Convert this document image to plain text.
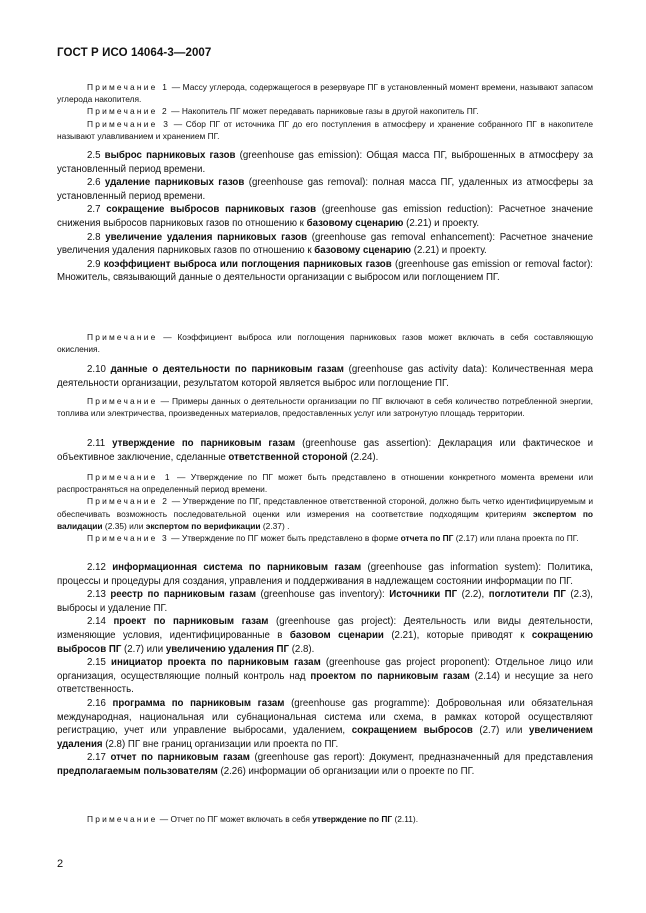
ГОСТ Р ИСО 14064-3—2007

Примечание 1 — Массу углерода, содержащегося в резервуаре ПГ в установленный момент времени, называют запасом углерода накопителя.

Примечание 2 — Накопитель ПГ может передавать парниковые газы в другой накопитель ПГ.

Примечание 3 — Сбор ПГ от источника ПГ до его поступления в атмосферу и хранение собранного ПГ в накопителе называют улавливанием и хранением ПГ.

2.5 выброс парниковых газов (greenhouse gas emission): Общая масса ПГ, выброшенных в атмосферу за установленный период времени.

2.6 удаление парниковых газов (greenhouse gas removal): полная масса ПГ, удаленных из атмосферы за установленный период времени.

2.7 сокращение выбросов парниковых газов (greenhouse gas emission reduction): Расчетное значение снижения выбросов парниковых газов по отношению к базовому сценарию (2.21) и проекту.

2.8 увеличение удаления парниковых газов (greenhouse gas removal enhancement): Расчетное значение увеличения удаления парниковых газов по отношению к базовому сценарию (2.21) и проекту.

2.9 коэффициент выброса или поглощения парниковых газов (greenhouse gas emission or removal factor): Множитель, связывающий данные о деятельности организации с выбросом или поглощением ПГ.

Примечание — Коэффициент выброса или поглощения парниковых газов может включать в себя составляющую окисления.

2.10 данные о деятельности по парниковым газам (greenhouse gas activity data): Количественная мера деятельности организации, результатом которой является выброс или поглощение ПГ.

Примечание — Примеры данных о деятельности организации по ПГ включают в себя количество потребленной энергии, топлива или электричества, произведенных материалов, предоставленных услуг или затронутую площадь территории.

2.11 утверждение по парниковым газам (greenhouse gas assertion): Декларация или фактическое и объективное заключение, сделанные ответственной стороной (2.24).

Примечание 1 — Утверждение по ПГ может быть представлено в отношении конкретного момента времени или распространяться на определенный период времени.

Примечание 2 — Утверждение по ПГ, представленное ответственной стороной, должно быть четко идентифицируемым и обеспечивать возможность последовательной оценки или измерения на соответствие подходящим критериям экспертом по валидации (2.35) или экспертом по верификации (2.37) .

Примечание 3 — Утверждение по ПГ может быть представлено в форме отчета по ПГ (2.17) или плана проекта по ПГ.

2.12 информационная система по парниковым газам (greenhouse gas information system): Политика, процессы и процедуры для создания, управления и поддерживания в надлежащем состоянии информации по ПГ.

2.13 реестр по парниковым газам (greenhouse gas inventory): Источники ПГ (2.2), поглотители ПГ (2.3), выбросы и удаление ПГ.

2.14 проект по парниковым газам (greenhouse gas project): Деятельность или виды деятельности, изменяющие условия, идентифицированные в базовом сценарии (2.21), которые приводят к сокращению выбросов ПГ (2.7) или увеличению удаления ПГ (2.8).

2.15 инициатор проекта по парниковым газам (greenhouse gas project proponent): Отдельное лицо или организация, осуществляющие полный контроль над проектом по парниковым газам (2.14) и несущие за него ответственность.

2.16 программа по парниковым газам (greenhouse gas programme): Добровольная или обязательная международная, национальная или субнациональная система или схема, в рамках которой осуществляют регистрацию, учет или управление выбросами, удалением, сокращением выбросов (2.7) или увеличением удаления (2.8) ПГ вне границ организации или проекта по ПГ.

2.17 отчет по парниковым газам (greenhouse gas report): Документ, предназначенный для представления предполагаемым пользователям (2.26) информации об организации или о проекте по ПГ.

Примечание — Отчет по ПГ может включать в себя утверждение по ПГ (2.11).

2
